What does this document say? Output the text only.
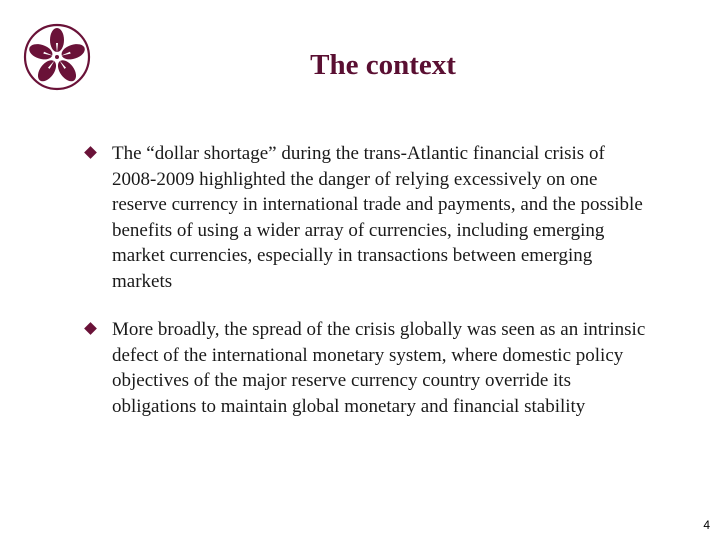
The context

The “dollar shortage” during the trans-Atlantic financial crisis of 2008-2009 highlighted the danger of relying excessively on one reserve currency in international trade and payments, and the possible benefits of using a wider array of currencies, including emerging market currencies, especially in transactions between emerging markets

More broadly, the spread of the crisis globally was seen as an intrinsic defect of the international monetary system, where domestic policy objectives of the major reserve currency country override its obligations to maintain global monetary and financial stability

4
